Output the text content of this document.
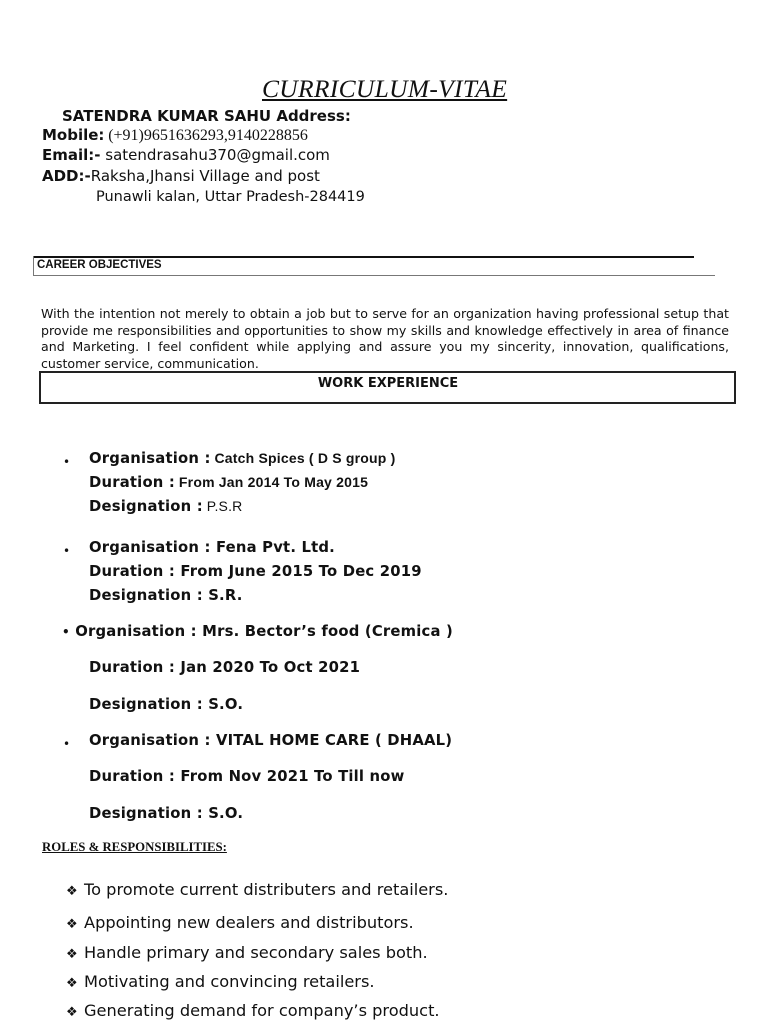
CURRICULUM-VITAE
SATENDRA KUMAR SAHU Address:
Mobile: (+91)9651636293,9140228856
Email:- satendrasahu370@gmail.com
ADD:-Raksha,Jhansi Village and post
Punawli kalan, Uttar Pradesh-284419
CAREER OBJECTIVES
With the intention not merely to obtain a job but to serve for an organization having professional setup that provide me responsibilities and opportunities to show my skills and knowledge effectively in area of finance and Marketing. I feel confident while applying and assure you my sincerity, innovation, qualifications, customer service, communication.
WORK EXPERIENCE
• Organisation : Catch Spices ( D S group )
Duration : From Jan 2014 To May 2015
Designation : P.S.R
• Organisation : Fena Pvt. Ltd.
Duration : From June 2015 To Dec 2019
Designation : S.R.
• Organisation : Mrs. Bector’s food (Cremica )
Duration : Jan 2020 To Oct 2021
Designation : S.O.
• Organisation : VITAL HOME CARE ( DHAAL)
Duration : From Nov 2021 To Till now
Designation : S.O.
ROLES & RESPONSIBILITIES:
❖ To promote current distributers and retailers.
❖ Appointing new dealers and distributors.
❖ Handle primary and secondary sales both.
❖ Motivating and convincing retailers.
❖ Generating demand for company’s product.
